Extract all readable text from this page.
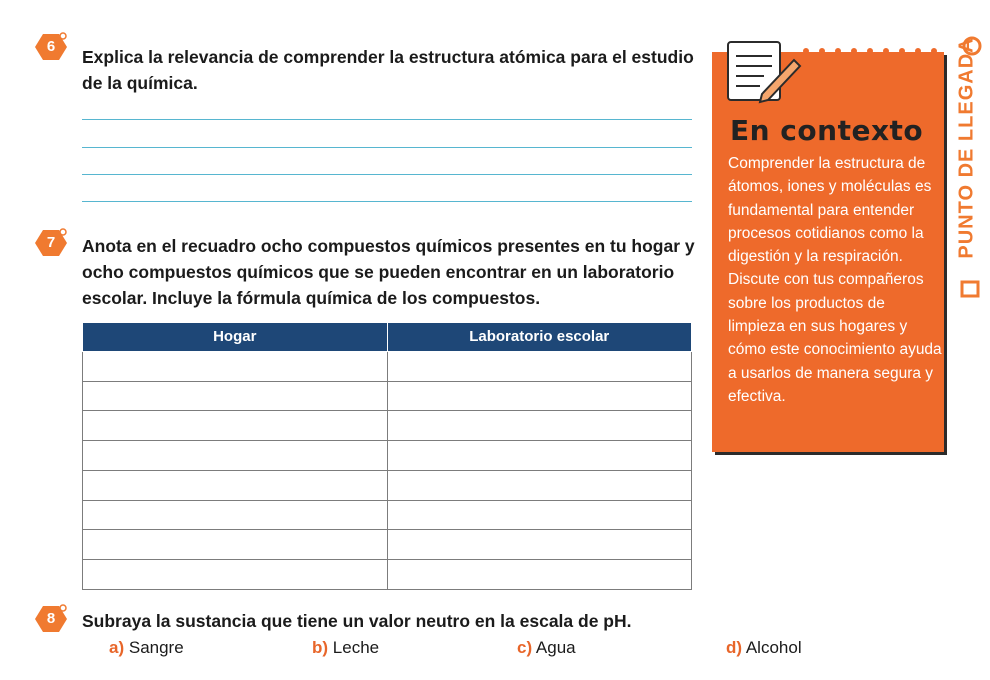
6
Explica la relevancia de comprender la estructura atómica para el estudio de la química.
7	Anota en el recuadro ocho compuestos químicos presentes en tu hogar y ocho compuestos químicos que se pueden encontrar en un laboratorio escolar. Incluye la fórmula química de los compuestos.
Hogar	Laboratorio escolar

En contexto
Comprender la estructura de átomos, iones y moléculas es fundamental para entender procesos cotidianos como la digestión y la respiración. Discute con tus compañeros sobre los productos de limpieza en sus hogares y cómo este conocimiento ayuda a usarlos de manera segura y efectiva.
PUNTO DE LLEGADA
8	Subraya la sustancia que tiene un valor neutro en la escala de pH.
a) Sangre	b) Leche	c) Agua	d) Alcohol
